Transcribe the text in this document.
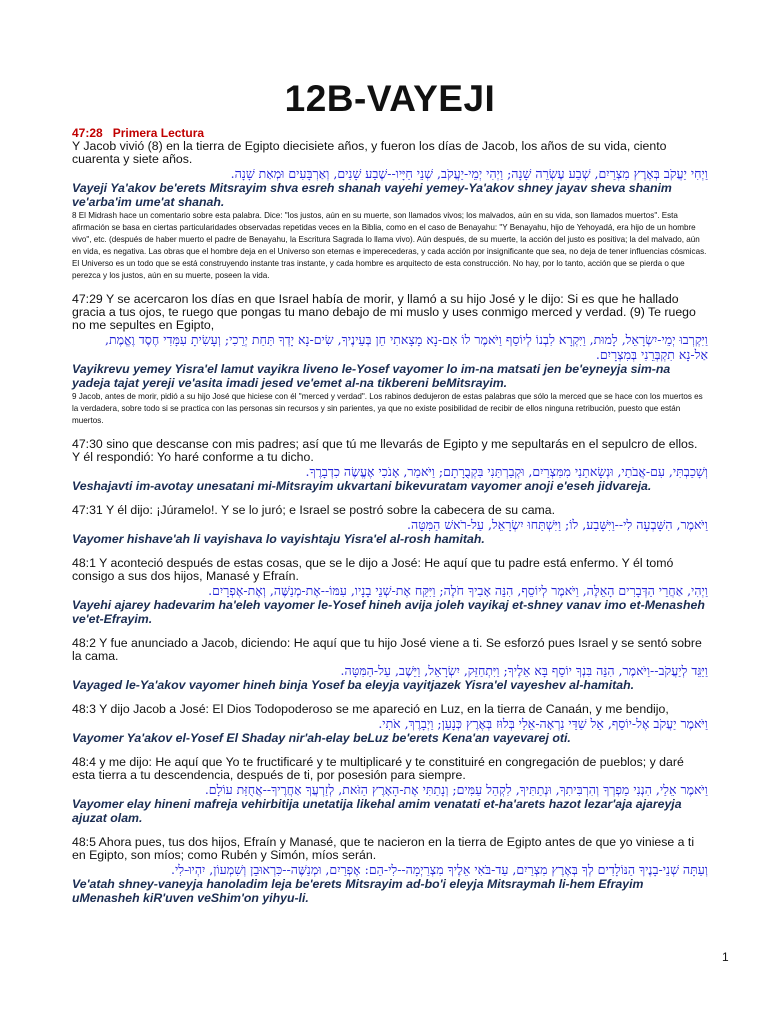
12B-VAYEJI
47:28 Primera Lectura

Y Jacob vivió (8) en la tierra de Egipto diecisiete años, y fueron los días de Jacob, los años de su vida, ciento cuarenta y siete años.

וַיְחִי יַעֲקֹב בְּאֶרֶץ מִצְרַיִם, שְׁבַע עֶשְׂרֵה שָׁנָה; וַיְהִי יְמֵי-יַעֲקֹב, שְׁנֵי חַיָּיו--שֶׁבַע שָׁנִים, וְאַרְבָּעִים וּמְאַת שָׁנָה.

Vayeji Ya'akov be'erets Mitsrayim shva esreh shanah vayehi yemey-Ya'akov shney jayav sheva shanim ve'arba'im ume'at shanah.

8 El Midrash hace un comentario sobre esta palabra. Dice: "los justos, aún en su muerte, son llamados vivos; los malvados, aún en su vida, son llamados muertos". Esta afirmación se basa en ciertas particularidades observadas repetidas veces en la Biblia, como en el caso de Benayahu: "Y Benayahu, hijo de Yehoyadá, era hijo de un hombre vivo", etc. (después de haber muerto el padre de Benayahu, la Escritura Sagrada lo llama vivo). Aún después, de su muerte, la acción del justo es positiva; la del malvado, aún en vida, es negativa. Las obras que el hombre deja en el Universo son eternas e imperecederas, y cada acción por insignificante que sea, no deja de tener influencias cósmicas. El Universo es un todo que se está construyendo instante tras instante, y cada hombre es arquitecto de esta construcción. No hay, por lo tanto, acción que se pierda o que perezca y los justos, aún en su muerte, poseen la vida.

47:29 Y se acercaron los días en que Israel había de morir, y llamó a su hijo José y le dijo: Si es que he hallado gracia a tus ojos, te ruego que pongas tu mano debajo de mi muslo y uses conmigo merced y verdad. (9) Te ruego no me sepultes en Egipto,

וַיִּקְרְבוּ יְמֵי-יִשְׂרָאֵל, לָמוּת, וַיִּקְרָא לִבְנוֹ לְיוֹסֵף וַיֹּאמֶר לוֹ אִם-נָא מָצָאתִי חֵן בְּעֵינֶיךָ, שִׂים-נָא יָדְךָ תַּחַת יְרֵכִי; וְעָשִׂיתָ עִמָּדִי חֶסֶד וֶאֱמֶת, אַל-נָא תִקְבְּרֵנִי בְּמִצְרָיִם.

Vayikrevu yemey Yisra'el lamut vayikra liveno le-Yosef vayomer lo im-na matsati jen be'eyneyja sim-na yadeja tajat yereji ve'asita imadi jesed ve'emet al-na tikbereni beMitsrayim.

9 Jacob, antes de morir, pidió a su hijo José que hiciese con él "merced y verdad". Los rabinos dedujeron de estas palabras que sólo la merced que se hace con los muertos es la verdadera, sobre todo si se practica con las personas sin recursos y sin parientes, ya que no existe posibilidad de recibir de ellos ninguna retribución, puesto que están muertos.

47:30 sino que descanse con mis padres; así que tú me llevarás de Egipto y me sepultarás en el sepulcro de ellos. Y él respondió: Yo haré conforme a tu dicho.

וְשָׁכַבְתִּי, עִם-אֲבֹתַי, וּנְשָׂאתַנִי מִמִּצְרַיִם, וּקְבַרְתַּנִי בִּקְבֻרָתָם; וַיֹּאמַר, אָנֹכִי אֶעֱשֶׂה כִדְבָרֶךָ.

Veshajavti im-avotay unesatani mi-Mitsrayim ukvartani bikevuratam vayomer anoji e'eseh jidvareja.

47:31 Y él dijo: ¡Júramelo!. Y se lo juró; e Israel se postró sobre la cabecera de su cama.

וַיֹּאמֶר, הִשָּׁבְעָה לִי--וַיִּשָּׁבַע, לוֹ; וַיִּשְׁתַּחוּ יִשְׂרָאֵל, עַל-רֹאשׁ הַמִּטָּה.

Vayomer hishave'ah li vayishava lo vayishtaju Yisra'el al-rosh hamitah.

48:1 Y aconteció después de estas cosas, que se le dijo a José: He aquí que tu padre está enfermo. Y él tomó consigo a sus dos hijos, Manasé y Efraín.

וַיְהִי, אַחֲרֵי הַדְּבָרִים הָאֵלֶּה, וַיֹּאמֶר לְיוֹסֵף, הִנֵּה אָבִיךָ חֹלֶה; וַיִּקַּח אֶת-שְׁנֵי בָנָיו, עִמּוֹ--אֶת-מְנַשֶּׁה, וְאֶת-אֶפְרָיִם.

Vayehi ajarey hadevarim ha'eleh vayomer le-Yosef hineh avija joleh vayikaj et-shney vanav imo et-Menasheh ve'et-Efrayim.

48:2 Y fue anunciado a Jacob, diciendo: He aquí que tu hijo José viene a ti. Se esforzó pues Israel y se sentó sobre la cama.

וַיַּגֵּד לְיַעֲקֹב--וַיֹּאמֶר, הִנֵּה בִּנְךָ יוֹסֵף בָּא אֵלֶיךָ; וַיִּתְחַזֵּק, יִשְׂרָאֵל, וַיֵּשֶׁב, עַל-הַמִּטָּה.

Vayaged le-Ya'akov vayomer hineh binja Yosef ba eleyja vayitjazek Yisra'el vayeshev al-hamitah.

48:3 Y dijo Jacob a José: El Dios Todopoderoso se me apareció en Luz, en la tierra de Canaán, y me bendijo,

וַיֹּאמֶר יַעֲקֹב אֶל-יוֹסֵף, אֵל שַׁדַּי נִרְאָה-אֵלַי בְּלוּז בְּאֶרֶץ כְּנָעַן; וַיְבָרֶךְ, אֹתִי.

Vayomer Ya'akov el-Yosef El Shaday nir'ah-elay beLuz be'erets Kena'an vayevarej oti.

48:4 y me dijo: He aquí que Yo te fructificaré y te multiplicaré y te constituiré en congregación de pueblos; y daré esta tierra a tu descendencia, después de ti, por posesión para siempre.

וַיֹּאמֶר אֵלַי, הִנְנִי מַפְרְךָ וְהִרְבִּיתִךָ, וּנְתַתִּיךָ, לִקְהַל עַמִּים; וְנָתַתִּי אֶת-הָאָרֶץ הַזֹּאת, לְזַרְעֲךָ אַחֲרֶיךָ--אֲחֻזַּת עוֹלָם.

Vayomer elay hineni mafreja vehirbitija unetatija likehal amim venatati et-ha'arets hazot lezar'aja ajareyja ajuzat olam.

48:5 Ahora pues, tus dos hijos, Efraín y Manasé, que te nacieron en la tierra de Egipto antes de que yo viniese a ti en Egipto, son míos; como Rubén y Simón, míos serán.

וְעַתָּה שְׁנֵי-בָנֶיךָ הַנּוֹלָדִים לְךָ בְּאֶרֶץ מִצְרַיִם, עַד-בֹּאִי אֵלֶיךָ מִצְרַיְמָה--לִי-הֵם: אֶפְרַיִם, וּמְנַשֶּׁה--כִּרְאוּבֵן וְשִׁמְעוֹן, יִהְיוּ-לִי.

Ve'atah shney-vaneyja hanoladim leja be'erets Mitsrayim ad-bo'i eleyja Mitsraymah li-hem Efrayim uMenasheh kiR'uven veShim'on yihyu-li.

1
